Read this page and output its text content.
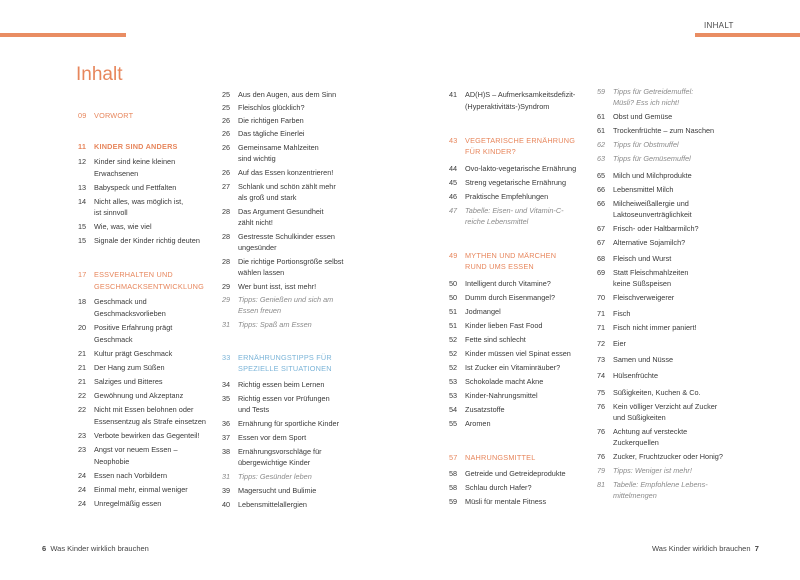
INHALT
Inhalt
09 VORWORT
11 KINDER SIND ANDERS
12 Kinder sind keine kleinen
Erwachsenen
13 Babyspeck und Fettfalten
14 Nicht alles, was möglich ist,
ist sinnvoll
15 Wie, was, wie viel
15 Signale der Kinder richtig deuten
17 ESSVERHALTEN UND
GESCHMACKSENTWICKLUNG
18 Geschmack und
Geschmacksvorlieben
20 Positive Erfahrung prägt
Geschmack
21 Kultur prägt Geschmack
21 Der Hang zum Süßen
21 Salziges und Bitteres
22 Gewöhnung und Akzeptanz
22 Nicht mit Essen belohnen oder
Essensentzug als Strafe einsetzen
23 Verbote bewirken das Gegenteil!
23 Angst vor neuem Essen –
Neophobie
24 Essen nach Vorbildern
24 Einmal mehr, einmal weniger
24 Unregelmäßig essen
25 Aus den Augen, aus dem Sinn
25 Fleischlos glücklich?
26 Die richtigen Farben
26 Das tägliche Einerlei
26 Gemeinsame Mahlzeiten
sind wichtig
26 Auf das Essen konzentrieren!
27 Schlank und schön zählt mehr
als groß und stark
28 Das Argument Gesundheit
zählt nicht!
28 Gestresste Schulkinder essen
ungesünder
28 Die richtige Portionsgröße selbst
wählen lassen
29 Wer bunt isst, isst mehr!
29 Tipps: Genießen und sich am
Essen freuen
31 Tipps: Spaß am Essen
33 ERNÄHRUNGSTIPPS FÜR
SPEZIELLE SITUATIONEN
34 Richtig essen beim Lernen
35 Richtig essen vor Prüfungen
und Tests
36 Ernährung für sportliche Kinder
37 Essen vor dem Sport
38 Ernährungsvorschläge für
übergewichtige Kinder
31 Tipps: Gesünder leben
39 Magersucht und Bulimie
40 Lebensmittelallergien
41 AD(H)S – Aufmerksamkeitsdefizit-
(Hyperaktivitäts-)Syndrom
43 VEGETARISCHE ERNÄHRUNG
FÜR KINDER?
44 Ovo-lakto-vegetarische Ernährung
45 Streng vegetarische Ernährung
46 Praktische Empfehlungen
47 Tabelle: Eisen- und Vitamin-C-
reiche Lebensmittel
49 MYTHEN UND MÄRCHEN
RUND UMS ESSEN
50 Intelligent durch Vitamine?
50 Dumm durch Eisenmangel?
51 Jodmangel
51 Kinder lieben Fast Food
52 Fette sind schlecht
52 Kinder müssen viel Spinat essen
52 Ist Zucker ein Vitaminräuber?
53 Schokolade macht Akne
53 Kinder-Nahrungsmittel
54 Zusatzstoffe
55 Aromen
57 NAHRUNGSMITTEL
58 Getreide und Getreideprodukte
58 Schlau durch Hafer?
59 Müsli für mentale Fitness
59 Tipps für Getreidemuffel:
Müsli? Ess ich nicht!
61 Obst und Gemüse
61 Trockenfrüchte – zum Naschen
62 Tipps für Obstmuffel
63 Tipps für Gemüsemuffel
65 Milch und Milchprodukte
66 Lebensmittel Milch
66 Milcheiweißallergie und
Laktoseunverträglichkeit
67 Frisch- oder Haltbarmilch?
67 Alternative Sojamilch?
68 Fleisch und Wurst
69 Statt Fleischmahlzeiten
keine Süßspeisen
70 Fleischverweigerer
71 Fisch
71 Fisch nicht immer paniert!
72 Eier
73 Samen und Nüsse
74 Hülsenfrüchte
75 Süßigkeiten, Kuchen & Co.
76 Kein völliger Verzicht auf Zucker
und Süßigkeiten
76 Achtung auf versteckte
Zuckerquellen
76 Zucker, Fruchtzucker oder Honig?
79 Tipps: Weniger ist mehr!
81 Tabelle: Empfohlene Lebens-
mittelmengen
6 Was Kinder wirklich brauchen	Was Kinder wirklich brauchen 7
